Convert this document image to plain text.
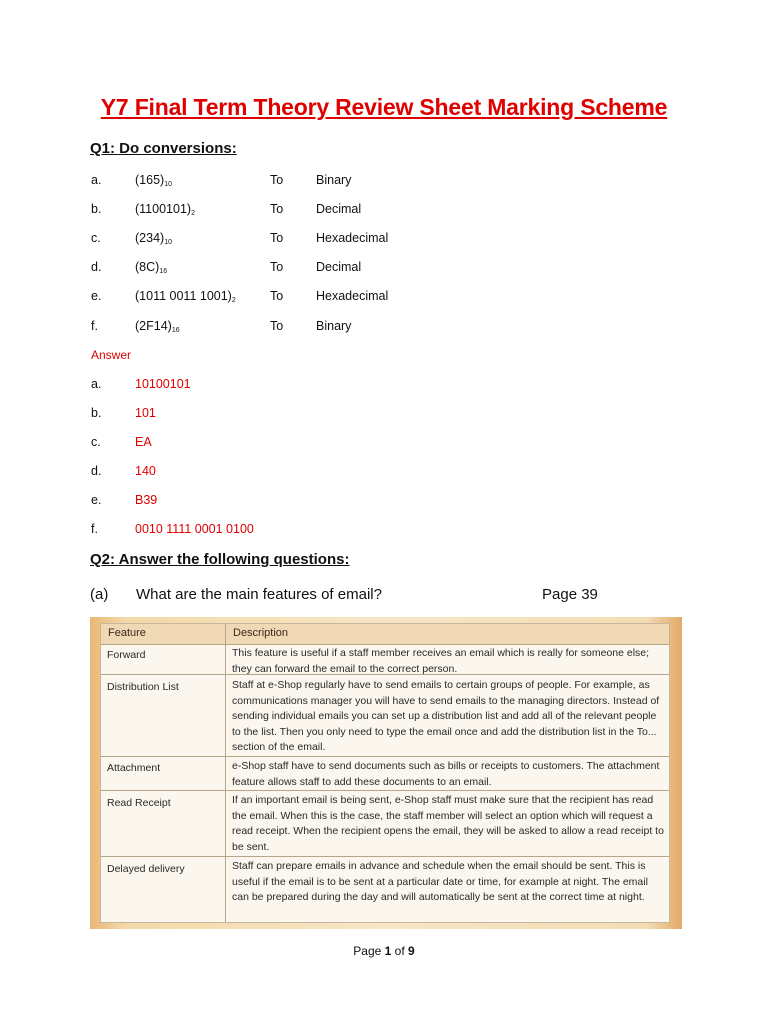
Y7 Final Term Theory Review Sheet Marking Scheme
Q1: Do conversions:
a.	$(165)_{10}$	To	Binary
b.	$(1100101)_2$	To	Decimal
c.	$(234)_{10}$	To	Hexadecimal
d.	$(8C)_{16}$	To	Decimal
e.	(1011 0011 $1001)_2$	To	Hexadecimal
f.	$(2F14)_{16}$	To	Binary
Answer
a.	10100101
b.	101
c.	EA
d.	140
e.	B39
f.	0010 1111 0001 0100
Q2: Answer the following questions:
(a) What are the main features of email?	Page 39
Feature	Description
Forward	This feature is useful if a staff member receives an email which is really for someone else; they can forward the email to the correct person.
Distribution List	Staff at e-Shop regularly have to send emails to certain groups of people. For example, as communications manager you will have to send emails to the managing directors. Instead of sending individual emails you can set up a distribution list and add all of the relevant people to the list. Then you only need to type the email once and add the distribution list in the To... section of the email.
Attachment	e-Shop staff have to send documents such as bills or receipts to customers. The attachment feature allows staff to add these documents to an email.
Read Receipt	If an important email is being sent, e-Shop staff must make sure that the recipient has read the email. When this is the case, the staff member will select an option which will request a read receipt. When the recipient opens the email, they will be asked to allow a read receipt to be sent.
Delayed delivery	Staff can prepare emails in advance and schedule when the email should be sent. This is useful if the email is to be sent at a particular date or time, for example at night. The email can be prepared during the day and will automatically be sent at the correct time at night.
Page 1 of 9
